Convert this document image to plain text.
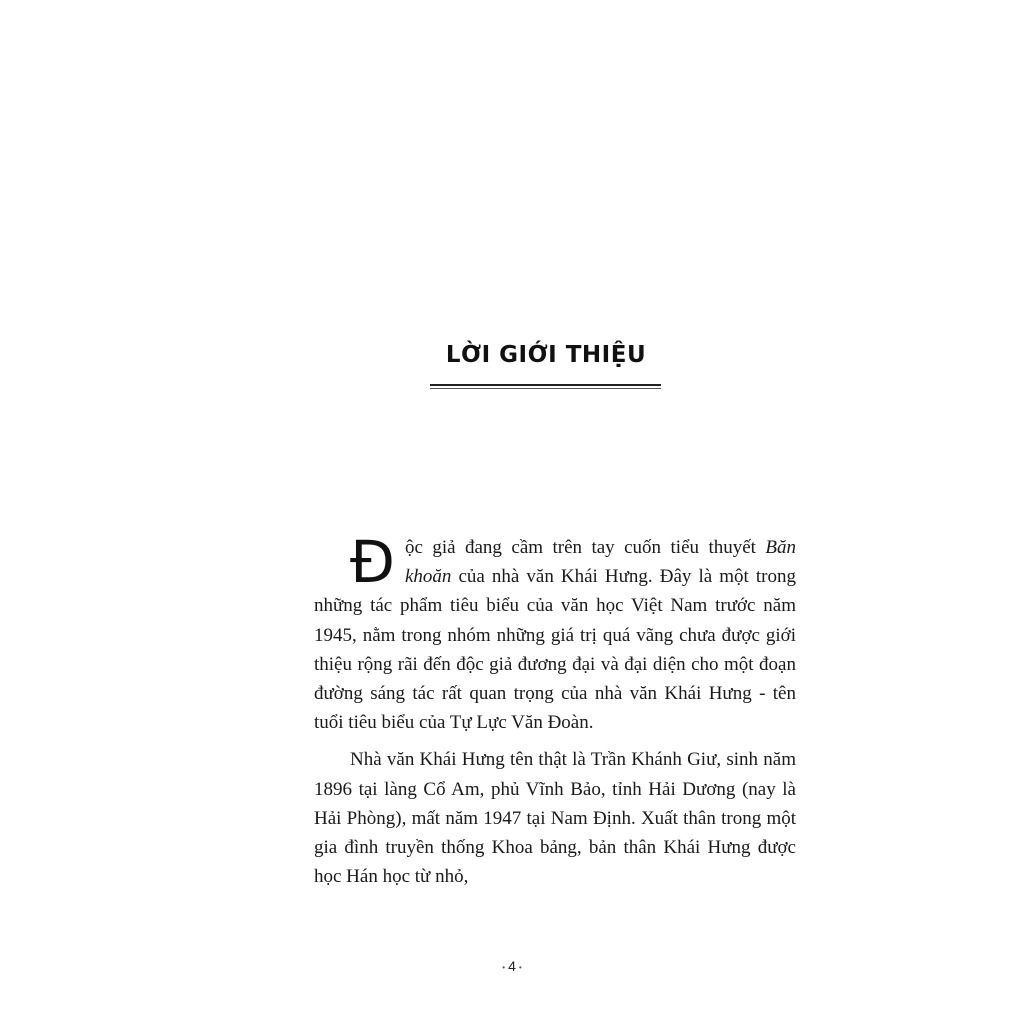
LỜI GIỚI THIỆU

Độc giả đang cầm trên tay cuốn tiểu thuyết Băn khoăn của nhà văn Khái Hưng. Đây là một trong những tác phẩm tiêu biểu của văn học Việt Nam trước năm 1945, nằm trong nhóm những giá trị quá vãng chưa được giới thiệu rộng rãi đến độc giả đương đại và đại diện cho một đoạn đường sáng tác rất quan trọng của nhà văn Khái Hưng - tên tuổi tiêu biểu của Tự Lực Văn Đoàn.

Nhà văn Khái Hưng tên thật là Trần Khánh Giư, sinh năm 1896 tại làng Cổ Am, phủ Vĩnh Bảo, tỉnh Hải Dương (nay là Hải Phòng), mất năm 1947 tại Nam Định. Xuất thân trong một gia đình truyền thống Khoa bảng, bản thân Khái Hưng được học Hán học từ nhỏ,

• 4 •
